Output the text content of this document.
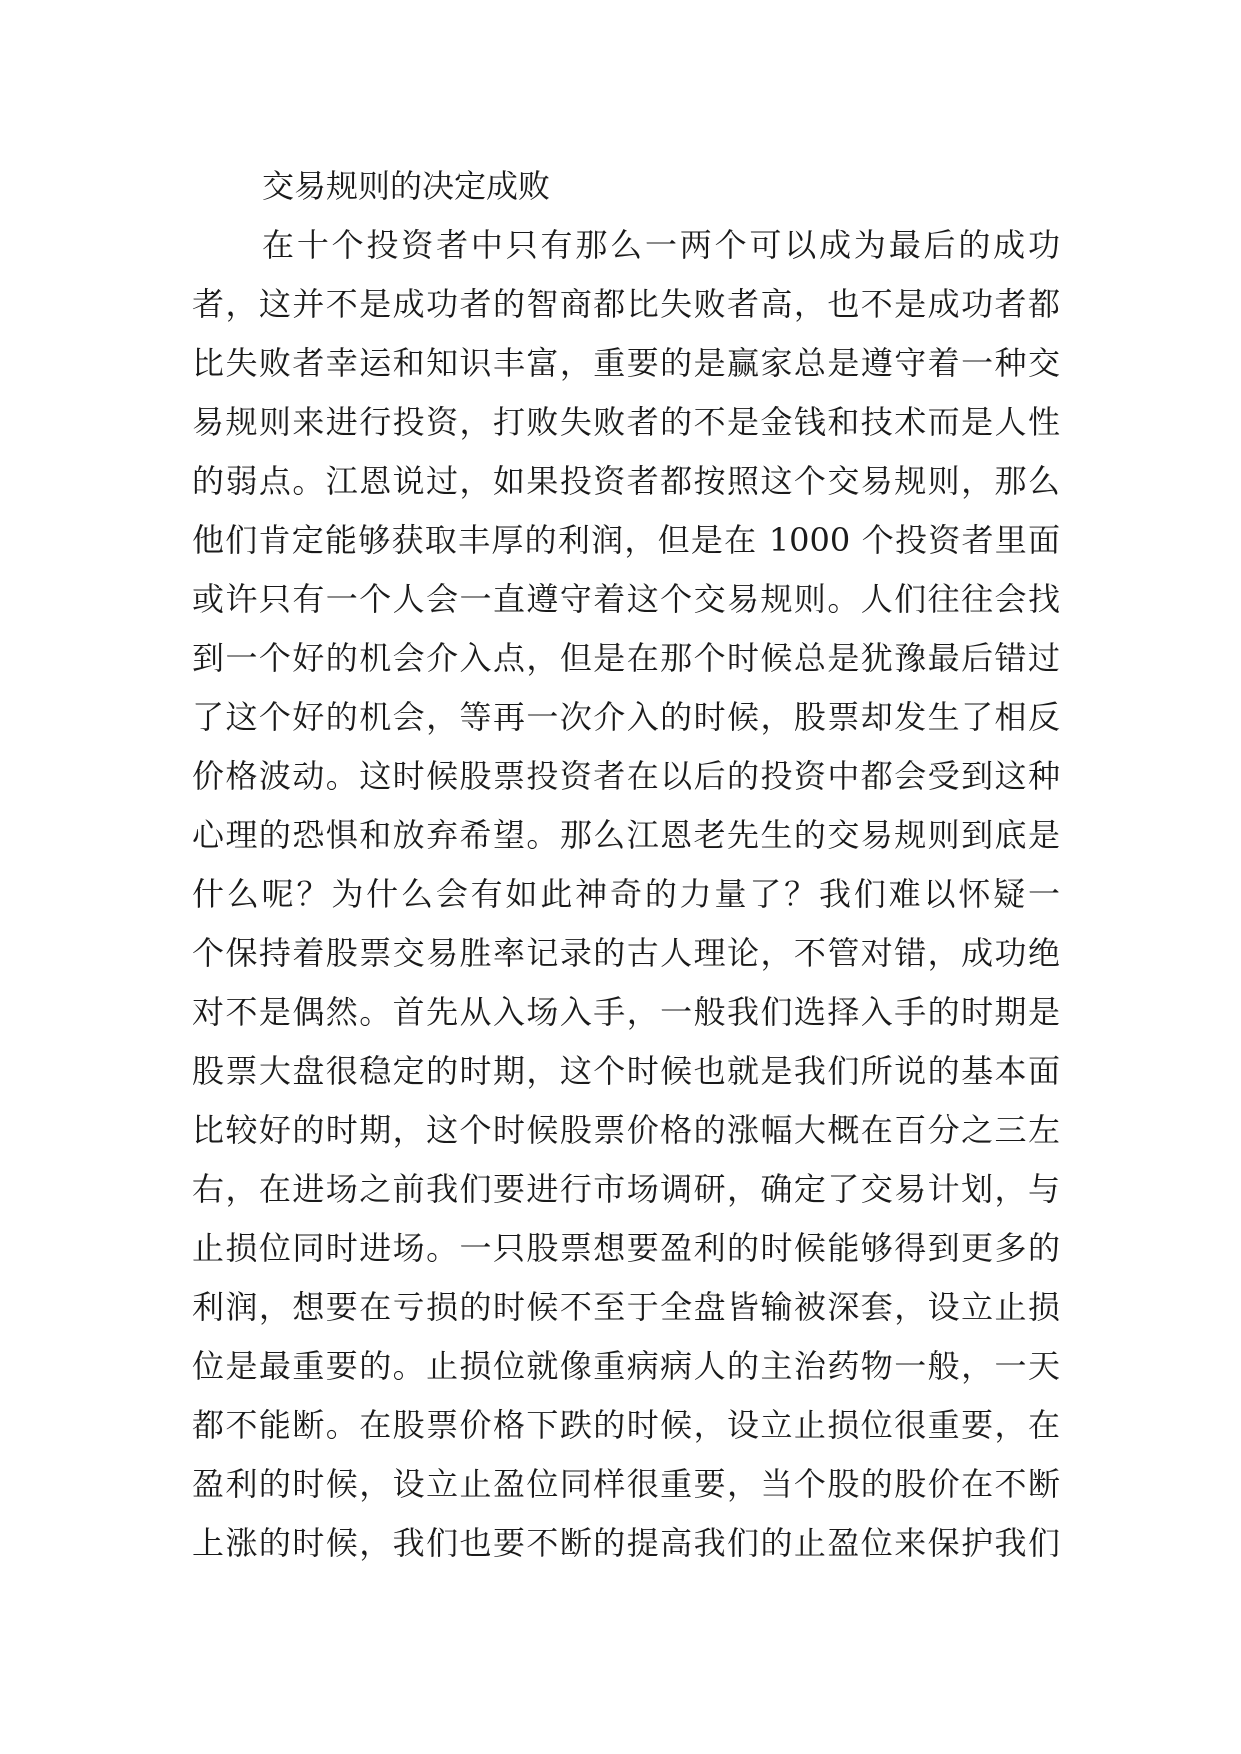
交易规则的决定成败
在十个投资者中只有那么一两个可以成为最后的成功
者，这并不是成功者的智商都比失败者高，也不是成功者都
比失败者幸运和知识丰富，重要的是赢家总是遵守着一种交
易规则来进行投资，打败失败者的不是金钱和技术而是人性
的弱点。江恩说过，如果投资者都按照这个交易规则，那么
他们肯定能够获取丰厚的利润，但是在 1000 个投资者里面
或许只有一个人会一直遵守着这个交易规则。人们往往会找
到一个好的机会介入点，但是在那个时候总是犹豫最后错过
了这个好的机会，等再一次介入的时候，股票却发生了相反
价格波动。这时候股票投资者在以后的投资中都会受到这种
心理的恐惧和放弃希望。那么江恩老先生的交易规则到底是
什么呢？为什么会有如此神奇的力量了？我们难以怀疑一
个保持着股票交易胜率记录的古人理论，不管对错，成功绝
对不是偶然。首先从入场入手，一般我们选择入手的时期是
股票大盘很稳定的时期，这个时候也就是我们所说的基本面
比较好的时期，这个时候股票价格的涨幅大概在百分之三左
右，在进场之前我们要进行市场调研，确定了交易计划，与
止损位同时进场。一只股票想要盈利的时候能够得到更多的
利润，想要在亏损的时候不至于全盘皆输被深套，设立止损
位是最重要的。止损位就像重病病人的主治药物一般，一天
都不能断。在股票价格下跌的时候，设立止损位很重要，在
盈利的时候，设立止盈位同样很重要，当个股的股价在不断
上涨的时候，我们也要不断的提高我们的止盈位来保护我们
